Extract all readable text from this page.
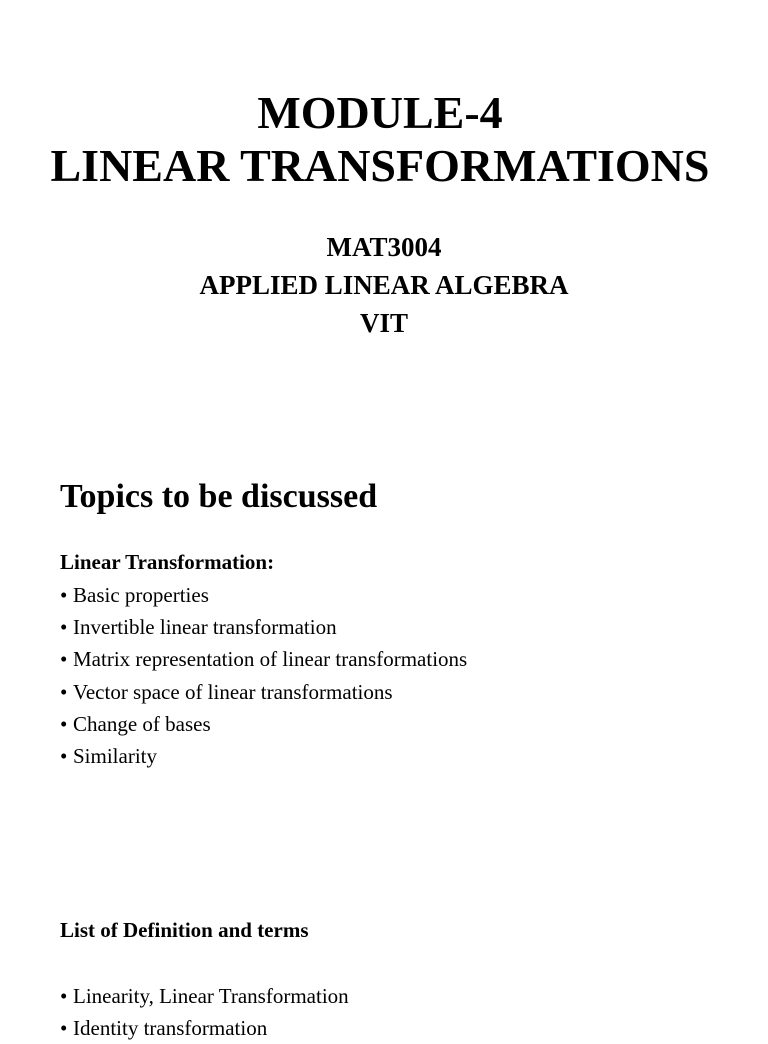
MODULE-4
LINEAR TRANSFORMATIONS
MAT3004
APPLIED LINEAR ALGEBRA
VIT
Topics to be discussed
Linear Transformation:
• Basic properties
• Invertible linear transformation
• Matrix representation of linear transformations
• Vector space of linear transformations
• Change of bases
• Similarity
List of Definition and terms
• Linearity, Linear Transformation
• Identity transformation
